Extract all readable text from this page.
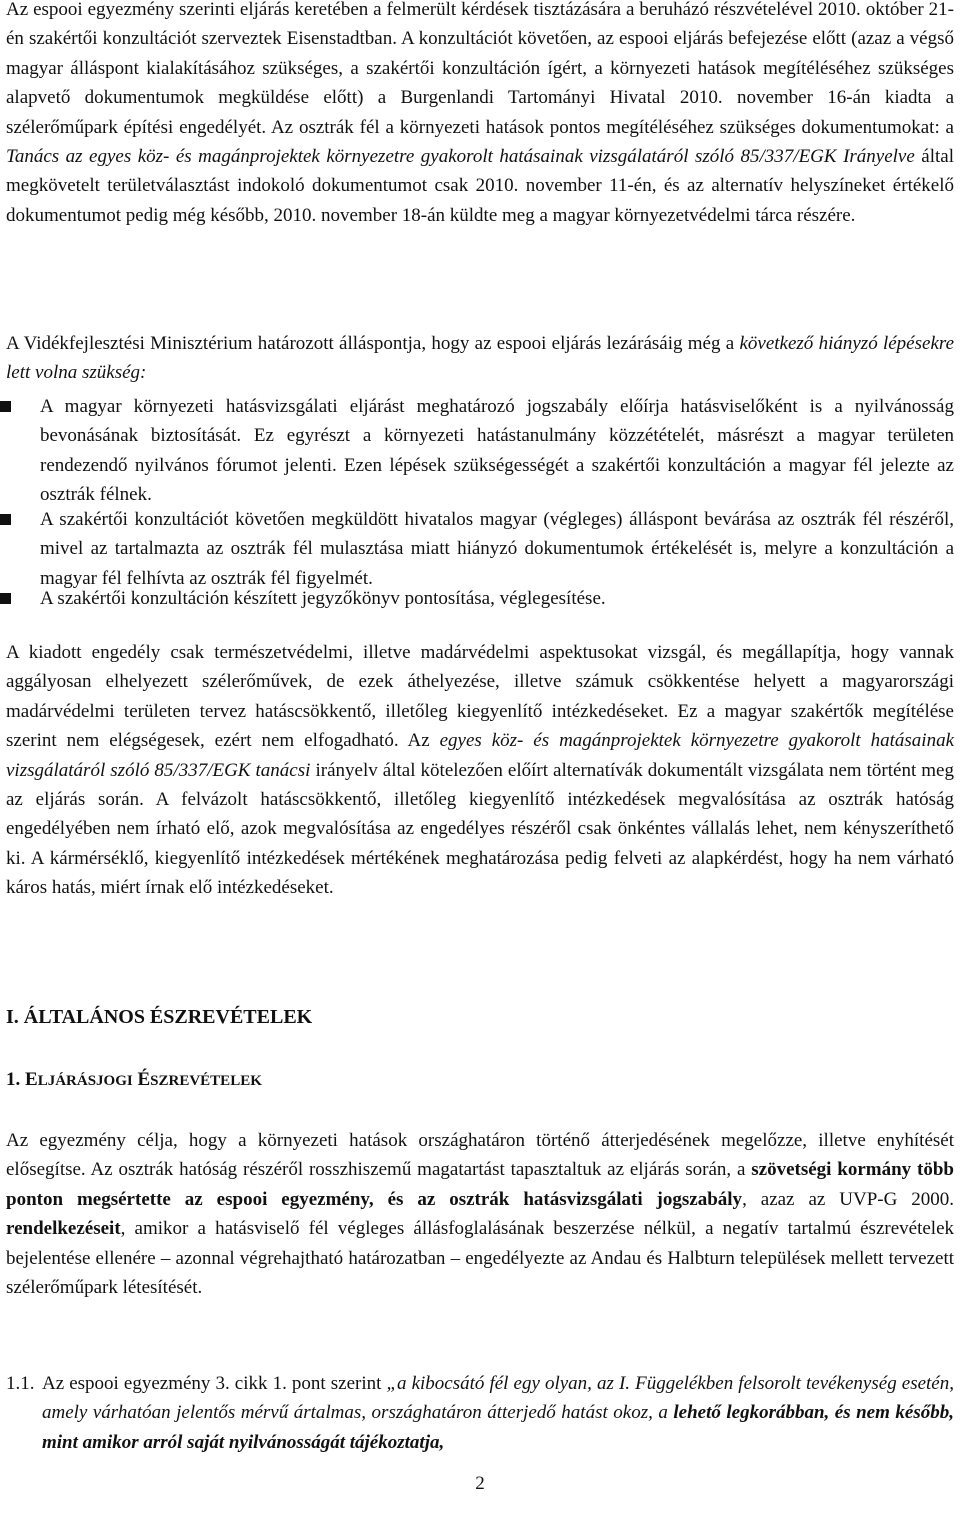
Az espooi egyezmény szerinti eljárás keretében a felmerült kérdések tisztázására a beruházó részvételével 2010. október 21-én szakértői konzultációt szerveztek Eisenstadtban. A konzultációt követően, az espooi eljárás befejezése előtt (azaz a végső magyar álláspont kialakításához szükséges, a szakértői konzultáción ígért, a környezeti hatások megítéléséhez szükséges alapvető dokumentumok megküldése előtt) a Burgenlandi Tartományi Hivatal 2010. november 16-án kiadta a szélerőműpark építési engedélyét. Az osztrák fél a környezeti hatások pontos megítéléséhez szükséges dokumentumokat: a Tanács az egyes köz- és magánprojektek környezetre gyakorolt hatásainak vizsgálatáról szóló 85/337/EGK Irányelve által megkövetelt területválasztást indokoló dokumentumot csak 2010. november 11-én, és az alternatív helyszíneket értékelő dokumentumot pedig még később, 2010. november 18-án küldte meg a magyar környezetvédelmi tárca részére.

A Vidékfejlesztési Minisztérium határozott álláspontja, hogy az espooi eljárás lezárásáig még a következő hiányzó lépésekre lett volna szükség:

A magyar környezeti hatásvizsgálati eljárást meghatározó jogszabály előírja hatásviselőként is a nyilvánosság bevonásának biztosítását. Ez egyrészt a környezeti hatástanulmány közzétételét, másrészt a magyar területen rendezendő nyilvános fórumot jelenti. Ezen lépések szükségességét a szakértői konzultáción a magyar fél jelezte az osztrák félnek.

A szakértői konzultációt követően megküldött hivatalos magyar (végleges) álláspont bevárása az osztrák fél részéről, mivel az tartalmazta az osztrák fél mulasztása miatt hiányzó dokumentumok értékelését is, melyre a konzultáción a magyar fél felhívta az osztrák fél figyelmét.

A szakértői konzultáción készített jegyzőkönyv pontosítása, véglegesítése.

A kiadott engedély csak természetvédelmi, illetve madárvédelmi aspektusokat vizsgál, és megállapítja, hogy vannak aggályosan elhelyezett szélerőművek, de ezek áthelyezése, illetve számuk csökkentése helyett a magyarországi madárvédelmi területen tervez hatáscsökkentő, illetőleg kiegyenlítő intézkedéseket. Ez a magyar szakértők megítélése szerint nem elégségesek, ezért nem elfogadható. Az egyes köz- és magánprojektek környezetre gyakorolt hatásainak vizsgálatáról szóló 85/337/EGK tanácsi irányelv által kötelezően előírt alternatívák dokumentált vizsgálata nem történt meg az eljárás során. A felvázolt hatáscsökkentő, illetőleg kiegyenlítő intézkedések megvalósítása az osztrák hatóság engedélyében nem írható elő, azok megvalósítása az engedélyes részéről csak önkéntes vállalás lehet, nem kényszeríthető ki. A kármérséklő, kiegyenlítő intézkedések mértékének meghatározása pedig felveti az alapkérdést, hogy ha nem várható káros hatás, miért írnak elő intézkedéseket.

I. ÁLTALÁNOS ÉSZREVÉTELEK
1. ELJÁRÁSJOGI ÉSZREVÉTELEK

Az egyezmény célja, hogy a környezeti hatások országhatáron történő átterjedésének megelőzze, illetve enyhítését elősegítse. Az osztrák hatóság részéről rosszhiszemű magatartást tapasztaltuk az eljárás során, a szövetségi kormány több ponton megsértette az espooi egyezmény, és az osztrák hatásvizsgálati jogszabály, azaz az UVP-G 2000. rendelkezéseit, amikor a hatásviselő fél végleges állásfoglalásának beszerzése nélkül, a negatív tartalmú észrevételek bejelentése ellenére – azonnal végrehajtható határozatban – engedélyezte az Andau és Halbturn települések mellett tervezett szélerőműpark létesítését.

1.1. Az espooi egyezmény 3. cikk 1. pont szerint „a kibocsátó fél egy olyan, az I. Függelékben felsorolt tevékenység esetén, amely várhatóan jelentős mérvű ártalmas, országhatáron átterjedő hatást okoz, a lehető legkorábban, és nem később, mint amikor arról saját nyilvánosságát tájékoztatja,
2
